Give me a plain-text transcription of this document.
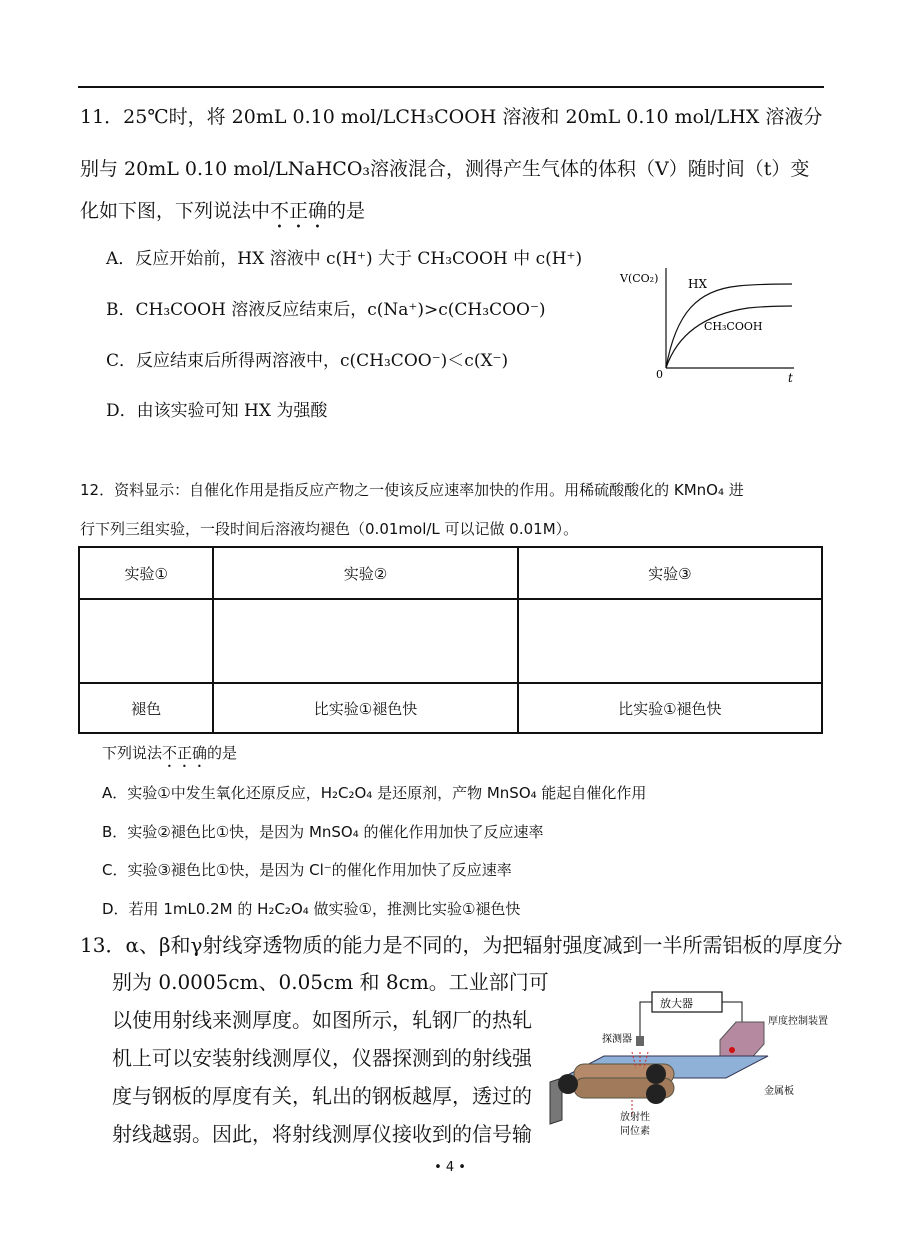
11．25℃时，将 20mL 0.10 mol/LCH₃COOH 溶液和 20mL 0.10 mol/LHX 溶液分
别与 20mL 0.10 mol/LNaHCO₃溶液混合，测得产生气体的体积（V）随时间（t）变
化如下图，下列说法中不正确的是
A．反应开始前，HX 溶液中 c(H⁺) 大于 CH₃COOH 中 c(H⁺)
B．CH₃COOH 溶液反应结束后，c(Na⁺)>c(CH₃COO⁻)
C．反应结束后所得两溶液中，c(CH₃COO⁻)＜c(X⁻)
D．由该实验可知 HX 为强酸
V(CO₂)
t
0
HX
CH₃COOH
12．资料显示：自催化作用是指反应产物之一使该反应速率加快的作用。用稀硫酸酸化的 KMnO₄ 进
行下列三组实验，一段时间后溶液均褪色（0.01mol/L 可以记做 0.01M）。
实验①	实验②	实验③

褪色	比实验①褪色快	比实验①褪色快
下列说法不正确的是
A．实验①中发生氧化还原反应，H₂C₂O₄ 是还原剂，产物 MnSO₄ 能起自催化作用
B．实验②褪色比①快，是因为 MnSO₄ 的催化作用加快了反应速率
C．实验③褪色比①快，是因为 Cl⁻的催化作用加快了反应速率
D．若用 1mL0.2M 的 H₂C₂O₄ 做实验①，推测比实验①褪色快
13．α、β和γ射线穿透物质的能力是不同的，为把辐射强度减到一半所需铝板的厚度分
别为 0.0005cm、0.05cm 和 8cm。工业部门可
以使用射线来测厚度。如图所示，轧钢厂的热轧
机上可以安装射线测厚仪，仪器探测到的射线强
度与钢板的厚度有关，轧出的钢板越厚，透过的
射线越弱。因此，将射线测厚仪接收到的信号输
放大器
厚度控制装置
探测器
金属板
放射性
同位素
• 4 •
